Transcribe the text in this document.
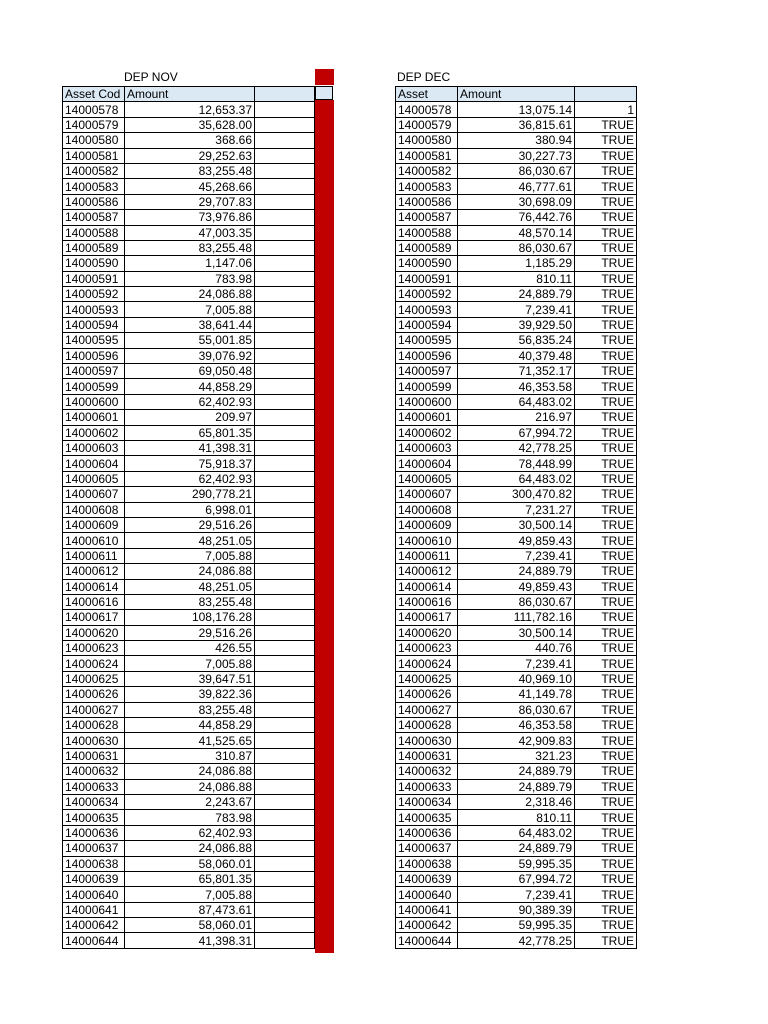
DEP NOV	DEP DEC
Asset Cod	Amount	
14000578	12,653.37	
14000579	35,628.00	
14000580	368.66	
14000581	29,252.63	
14000582	83,255.48	
14000583	45,268.66	
14000586	29,707.83	
14000587	73,976.86	
14000588	47,003.35	
14000589	83,255.48	
14000590	1,147.06	
14000591	783.98	
14000592	24,086.88	
14000593	7,005.88	
14000594	38,641.44	
14000595	55,001.85	
14000596	39,076.92	
14000597	69,050.48	
14000599	44,858.29	
14000600	62,402.93	
14000601	209.97	
14000602	65,801.35	
14000603	41,398.31	
14000604	75,918.37	
14000605	62,402.93	
14000607	290,778.21	
14000608	6,998.01	
14000609	29,516.26	
14000610	48,251.05	
14000611	7,005.88	
14000612	24,086.88	
14000614	48,251.05	
14000616	83,255.48	
14000617	108,176.28	
14000620	29,516.26	
14000623	426.55	
14000624	7,005.88	
14000625	39,647.51	
14000626	39,822.36	
14000627	83,255.48	
14000628	44,858.29	
14000630	41,525.65	
14000631	310.87	
14000632	24,086.88	
14000633	24,086.88	
14000634	2,243.67	
14000635	783.98	
14000636	62,402.93	
14000637	24,086.88	
14000638	58,060.01	
14000639	65,801.35	
14000640	7,005.88	
14000641	87,473.61	
14000642	58,060.01	
14000644	41,398.31	
Asset	Amount	
14000578	13,075.14	1
14000579	36,815.61	TRUE
14000580	380.94	TRUE
14000581	30,227.73	TRUE
14000582	86,030.67	TRUE
14000583	46,777.61	TRUE
14000586	30,698.09	TRUE
14000587	76,442.76	TRUE
14000588	48,570.14	TRUE
14000589	86,030.67	TRUE
14000590	1,185.29	TRUE
14000591	810.11	TRUE
14000592	24,889.79	TRUE
14000593	7,239.41	TRUE
14000594	39,929.50	TRUE
14000595	56,835.24	TRUE
14000596	40,379.48	TRUE
14000597	71,352.17	TRUE
14000599	46,353.58	TRUE
14000600	64,483.02	TRUE
14000601	216.97	TRUE
14000602	67,994.72	TRUE
14000603	42,778.25	TRUE
14000604	78,448.99	TRUE
14000605	64,483.02	TRUE
14000607	300,470.82	TRUE
14000608	7,231.27	TRUE
14000609	30,500.14	TRUE
14000610	49,859.43	TRUE
14000611	7,239.41	TRUE
14000612	24,889.79	TRUE
14000614	49,859.43	TRUE
14000616	86,030.67	TRUE
14000617	111,782.16	TRUE
14000620	30,500.14	TRUE
14000623	440.76	TRUE
14000624	7,239.41	TRUE
14000625	40,969.10	TRUE
14000626	41,149.78	TRUE
14000627	86,030.67	TRUE
14000628	46,353.58	TRUE
14000630	42,909.83	TRUE
14000631	321.23	TRUE
14000632	24,889.79	TRUE
14000633	24,889.79	TRUE
14000634	2,318.46	TRUE
14000635	810.11	TRUE
14000636	64,483.02	TRUE
14000637	24,889.79	TRUE
14000638	59,995.35	TRUE
14000639	67,994.72	TRUE
14000640	7,239.41	TRUE
14000641	90,389.39	TRUE
14000642	59,995.35	TRUE
14000644	42,778.25	TRUE
